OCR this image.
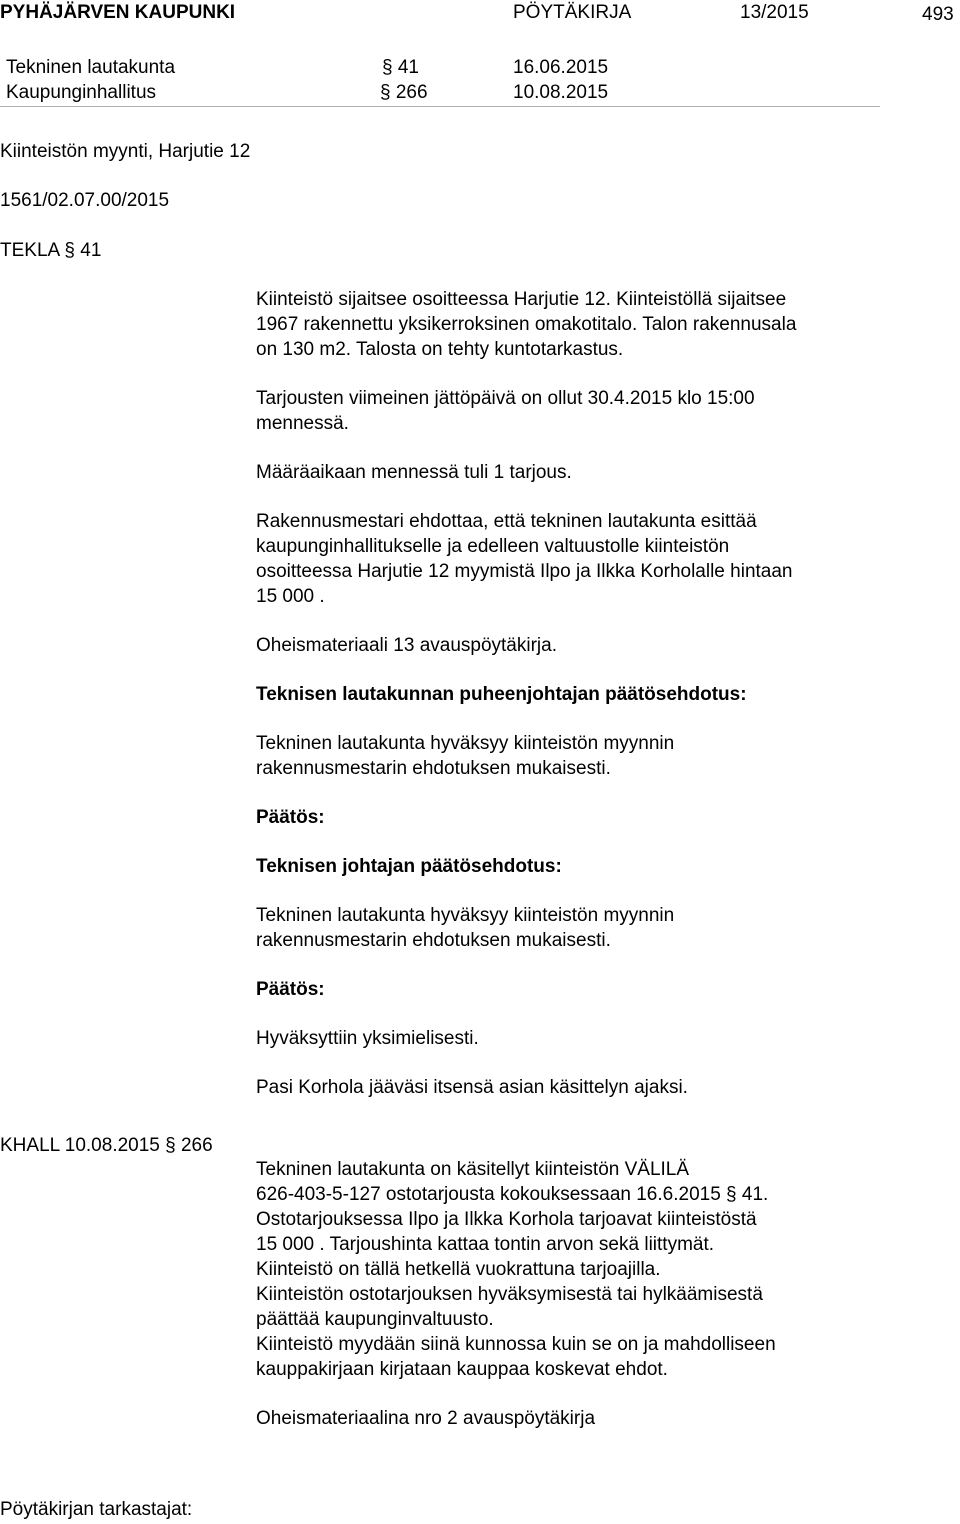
PYHÄJÄRVEN KAUPUNKI	PÖYTÄKIRJA	13/2015	493
Tekninen lautakunta	§ 41	16.06.2015
Kaupunginhallitus	§ 266	10.08.2015
Kiinteistön myynti, Harjutie 12
1561/02.07.00/2015
TEKLA § 41

Kiinteistö sijaitsee osoitteessa Harjutie 12. Kiinteistöllä sijaitsee

1967 rakennettu yksikerroksinen omakotitalo. Talon rakennusala

on 130 m2. Talosta on tehty kuntotarkastus.

Tarjousten viimeinen jättöpäivä on ollut 30.4.2015 klo 15:00

mennessä.

Määräaikaan mennessä tuli 1 tarjous.

Rakennusmestari ehdottaa, että tekninen lautakunta esittää

kaupunginhallitukselle ja edelleen valtuustolle kiinteistön

osoitteessa Harjutie 12 myymistä Ilpo ja Ilkka Korholalle hintaan

15 000 .

Oheismateriaali 13 avauspöytäkirja.

Teknisen lautakunnan puheenjohtajan päätösehdotus:

Tekninen lautakunta hyväksyy kiinteistön myynnin

rakennusmestarin ehdotuksen mukaisesti.

Päätös:

Teknisen johtajan päätösehdotus:

Tekninen lautakunta hyväksyy kiinteistön myynnin

rakennusmestarin ehdotuksen mukaisesti.

Päätös:

Hyväksyttiin yksimielisesti.

Pasi Korhola jääväsi itsensä asian käsittelyn ajaksi.

KHALL 10.08.2015 § 266

Tekninen lautakunta on käsitellyt kiinteistön VÄLILÄ

626-403-5-127 ostotarjousta kokouksessaan 16.6.2015 § 41.

Ostotarjouksessa Ilpo ja Ilkka Korhola tarjoavat kiinteistöstä

15 000 . Tarjoushinta kattaa tontin arvon sekä liittymät.

Kiinteistö on tällä hetkellä vuokrattuna tarjoajilla.

Kiinteistön ostotarjouksen hyväksymisestä tai hylkäämisestä

päättää kaupunginvaltuusto.

Kiinteistö myydään siinä kunnossa kuin se on ja mahdolliseen

kauppakirjaan kirjataan kauppaa koskevat ehdot.

Oheismateriaalina nro 2 avauspöytäkirja

Pöytäkirjan tarkastajat:
